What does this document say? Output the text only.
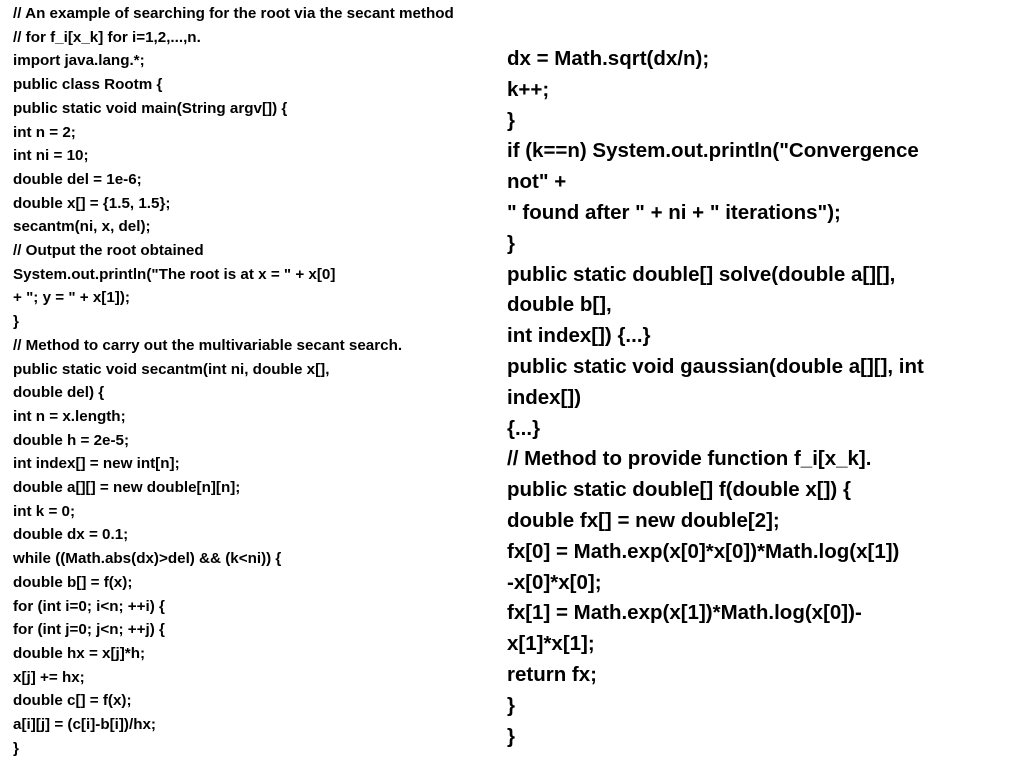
// An example of searching for the root via the secant method
// for f_i[x_k] for i=1,2,...,n.
import java.lang.*;
public class Rootm {
public static void main(String argv[]) {
int n = 2;
int ni = 10;
double del = 1e-6;
double x[] = {1.5, 1.5};
secantm(ni, x, del);
// Output the root obtained
System.out.println("The root is at x = " + x[0]
+ "; y = " + x[1]);
}
// Method to carry out the multivariable secant search.
public static void secantm(int ni, double x[],
double del) {
int n = x.length;
double h = 2e-5;
int index[] = new int[n];
double a[][] = new double[n][n];
int k = 0;
double dx = 0.1;
while ((Math.abs(dx)>del) && (k<ni)) {
double b[] = f(x);
for (int i=0; i<n; ++i) {
for (int j=0; j<n; ++j) {
double hx = x[j]*h;
x[j] += hx;
double c[] = f(x);
a[i][j] = (c[i]-b[i])/hx;
}
dx = Math.sqrt(dx/n);
k++;
}
if (k==n) System.out.println("Convergence
not" +
" found after " + ni + " iterations");
}
public static double[] solve(double a[][],
double b[],
int index[]) {...}
public static void gaussian(double a[][], int
index[])
{...}
// Method to provide function f_i[x_k].
public static double[] f(double x[]) {
double fx[] = new double[2];
fx[0] = Math.exp(x[0]*x[0])*Math.log(x[1])
-x[0]*x[0];
fx[1] = Math.exp(x[1])*Math.log(x[0])-
x[1]*x[1];
return fx;
}
}
